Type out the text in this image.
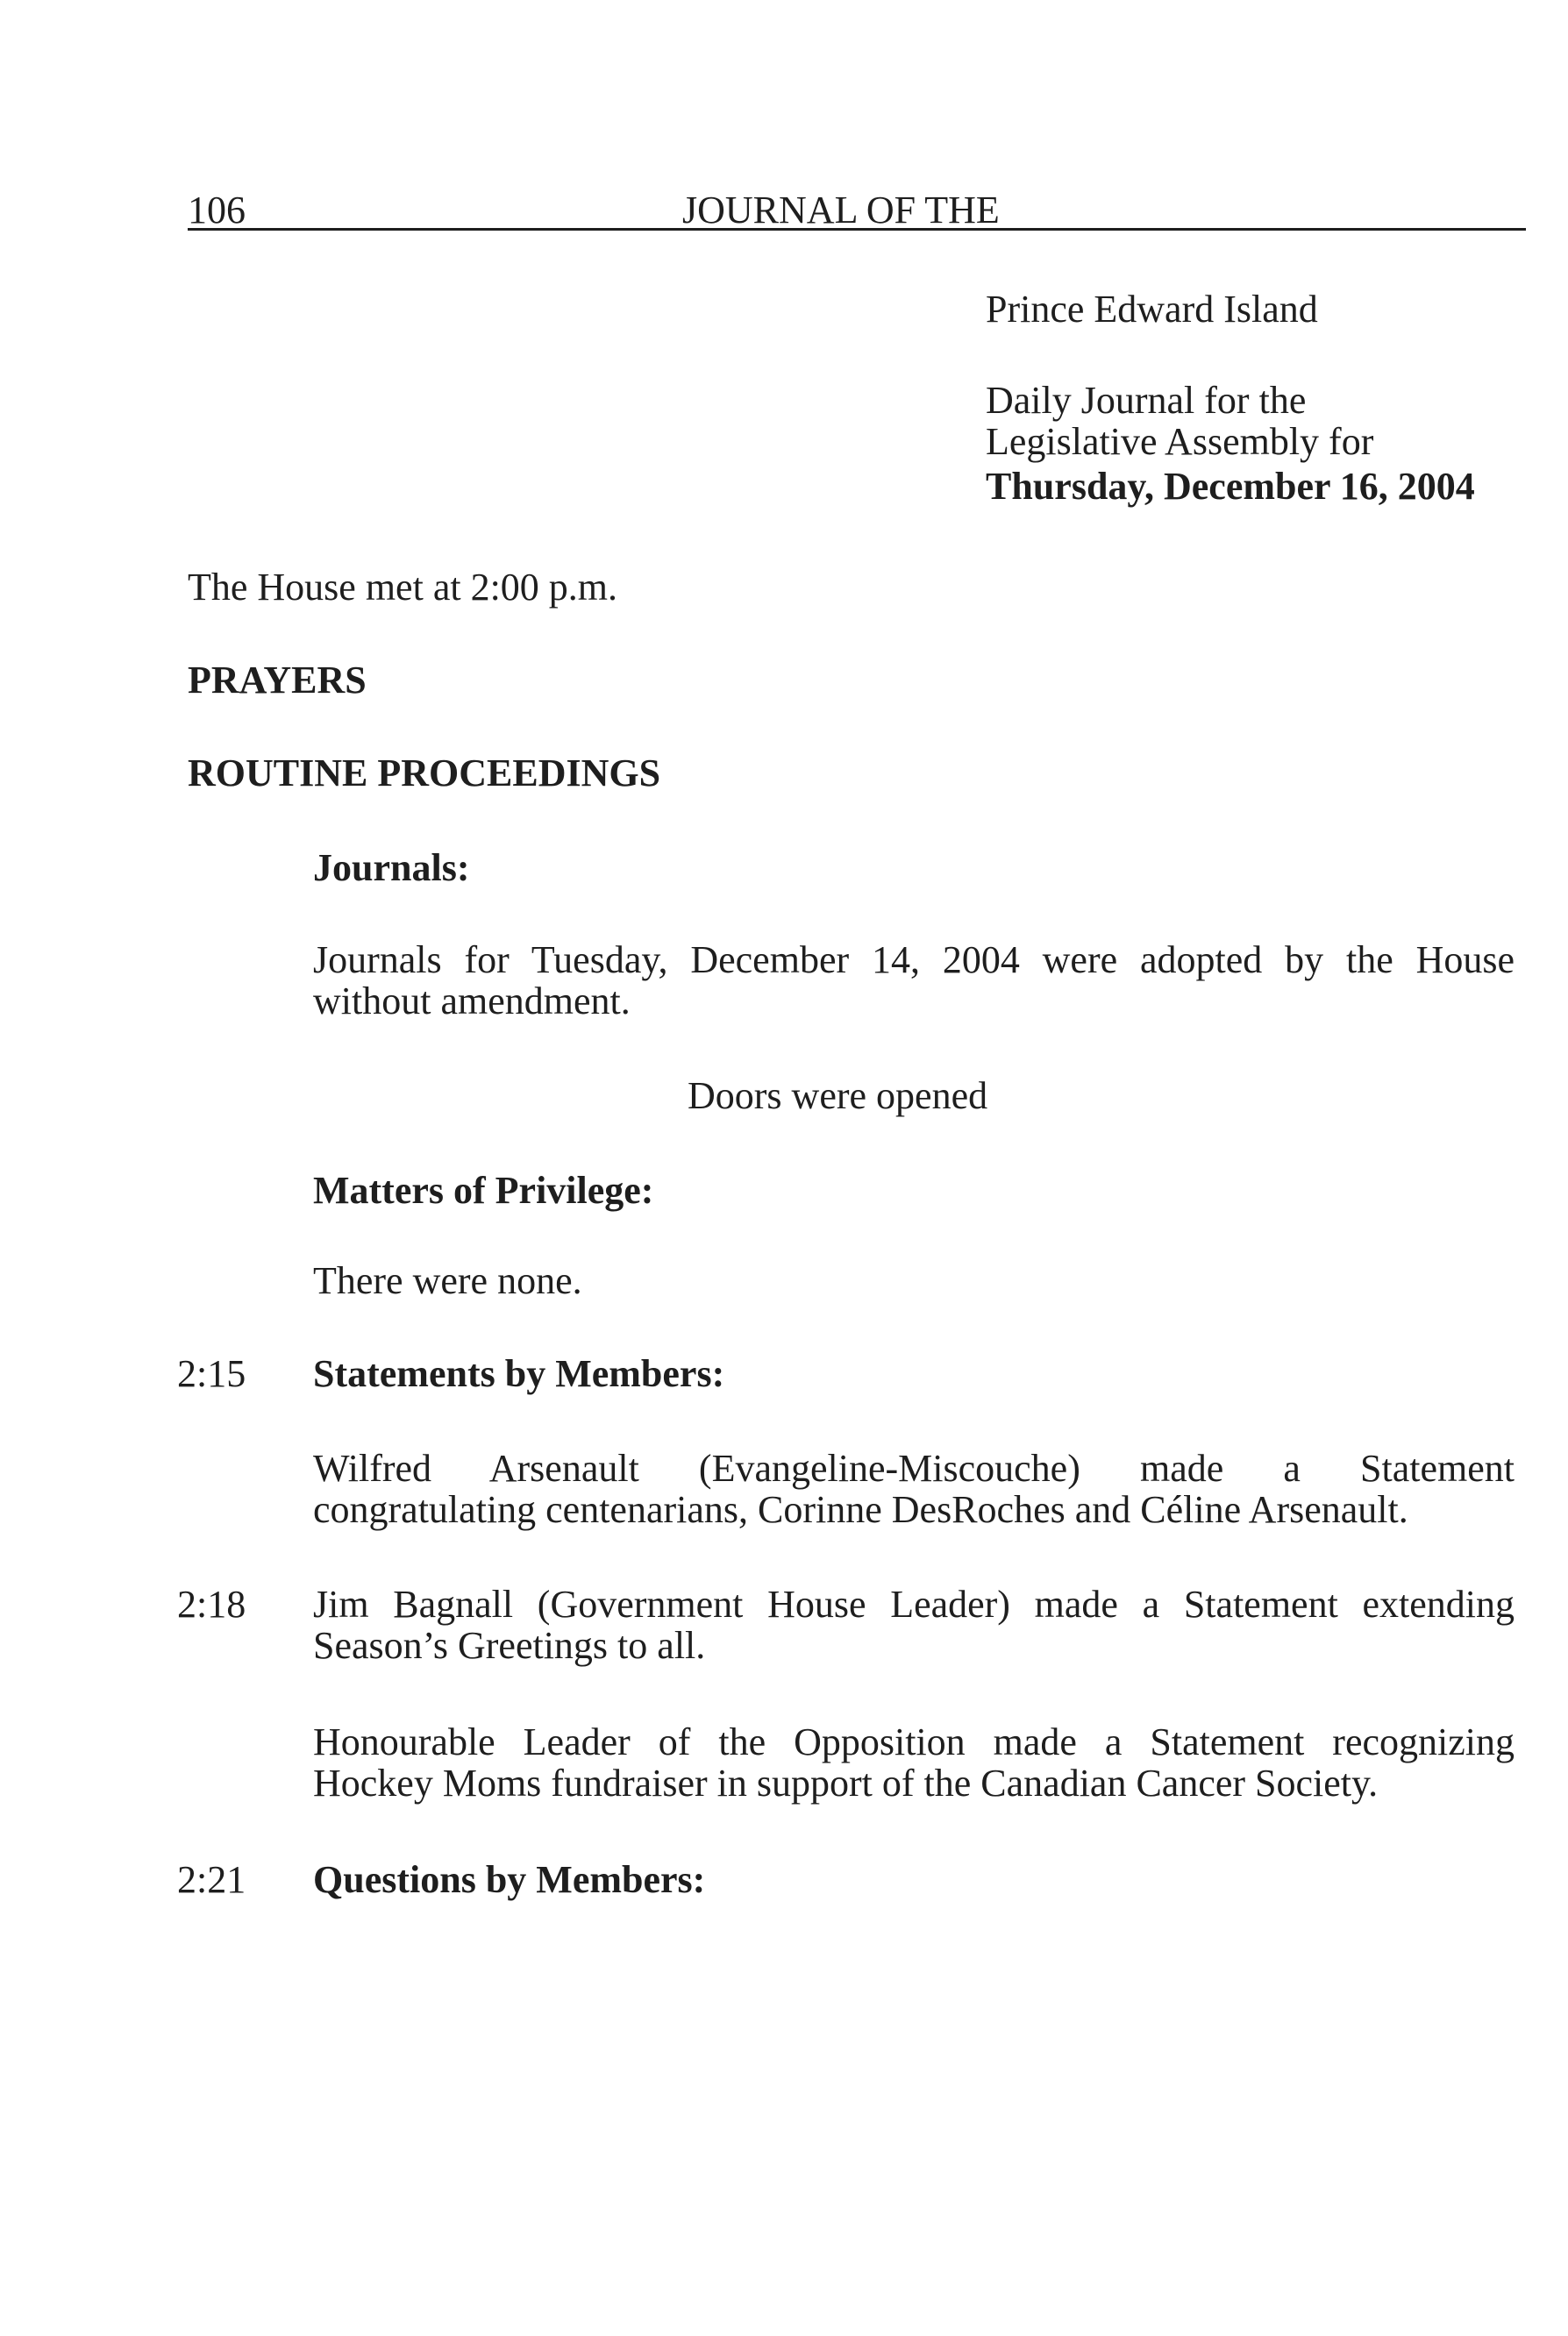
106	JOURNAL OF THE
Prince Edward Island
Daily Journal for the
Legislative Assembly for
Thursday, December 16, 2004
The House met at 2:00 p.m.
PRAYERS
ROUTINE PROCEEDINGS
Journals:
Journals for Tuesday, December 14, 2004 were adopted by the House
without amendment.
Doors were opened
Matters of Privilege:
There were none.
2:15 Statements by Members:
Wilfred Arsenault (Evangeline-Miscouche) made a Statement
congratulating centenarians, Corinne DesRoches and Céline Arsenault.
2:18 Jim Bagnall (Government House Leader) made a Statement extending
Season’s Greetings to all.
Honourable Leader of the Opposition made a Statement recognizing
Hockey Moms fundraiser in support of the Canadian Cancer Society.
2:21 Questions by Members:
